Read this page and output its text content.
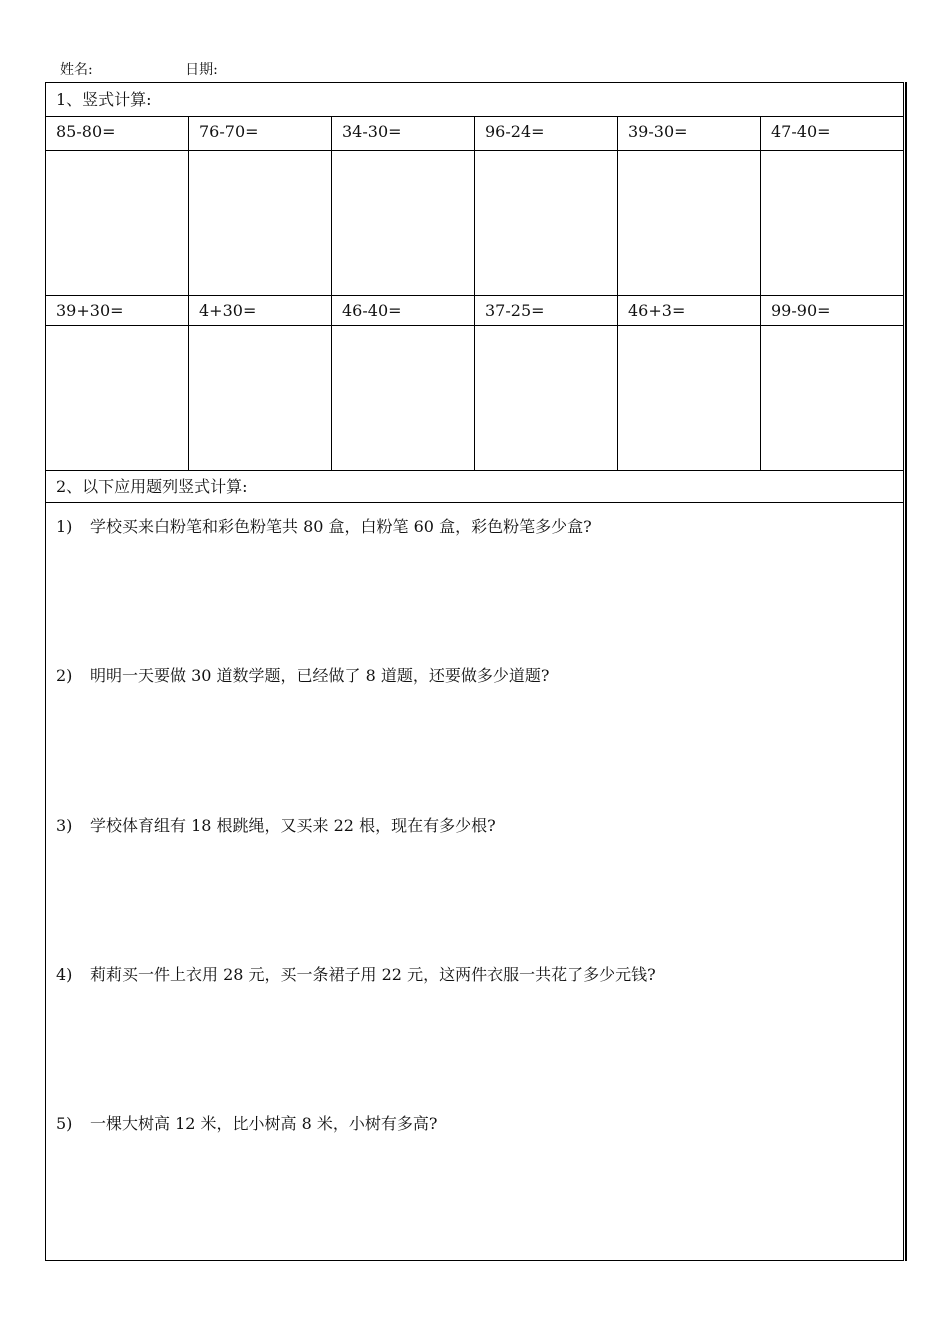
姓名:	日期:
1、竖式计算:
85-80=	76-70=	34-30=	96-24=	39-30=	47-40=
39+30=	4+30=	46-40=	37-25=	46+3=	99-90=
2、以下应用题列竖式计算:
1) 学校买来白粉笔和彩色粉笔共 80 盒，白粉笔 60 盒，彩色粉笔多少盒?
2) 明明一天要做 30 道数学题，已经做了 8 道题，还要做多少道题?
3) 学校体育组有 18 根跳绳，又买来 22 根，现在有多少根?
4) 莉莉买一件上衣用 28 元，买一条裙子用 22 元，这两件衣服一共花了多少元钱?
5) 一棵大树高 12 米，比小树高 8 米，小树有多高?
